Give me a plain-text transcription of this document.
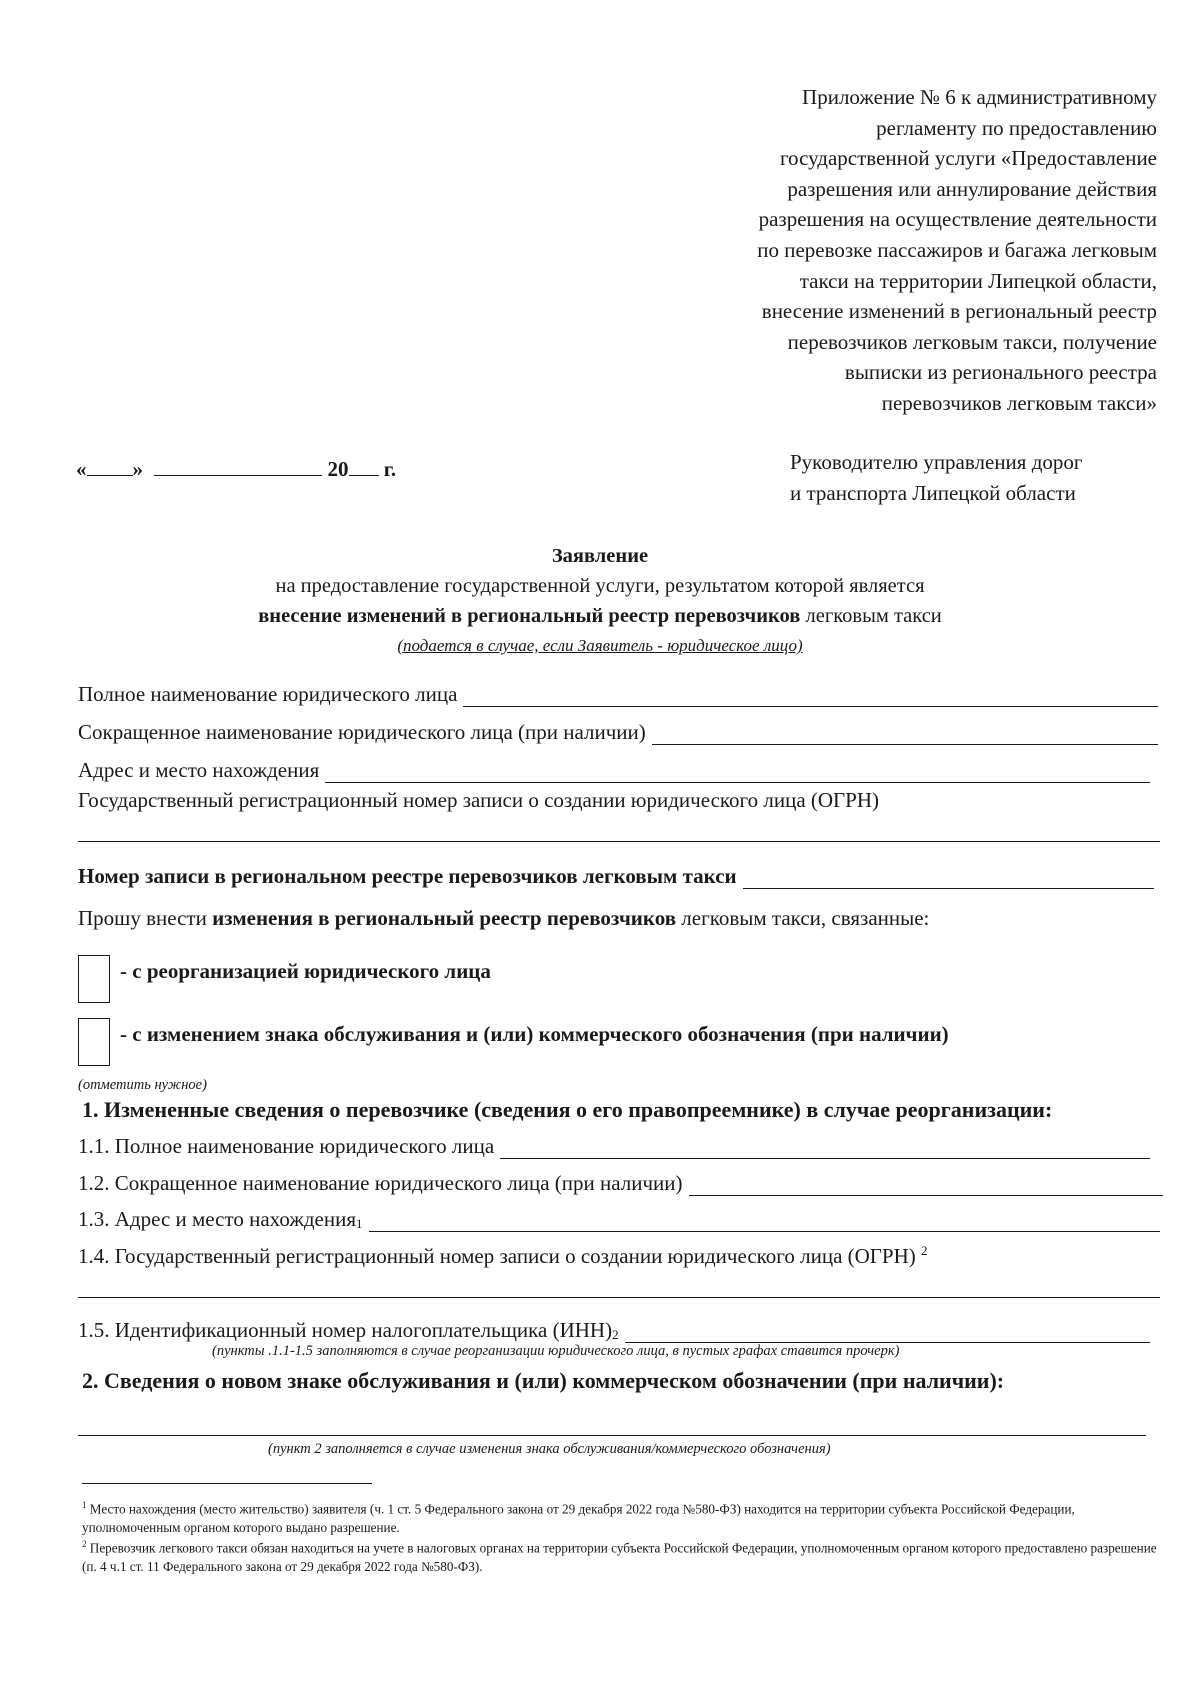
Приложение № 6 к административному
регламенту по предоставлению
государственной услуги «Предоставление
разрешения или аннулирование действия
разрешения на осуществление деятельности
по перевозке пассажиров и багажа легковым
такси на территории Липецкой области,
внесение изменений в региональный реестр
перевозчиков легковым такси, получение
выписки из регионального реестра
перевозчиков легковым такси»
« »	20 г.	Руководителю управления дорог
и транспорта Липецкой области
Заявление
на предоставление государственной услуги, результатом которой является
внесение изменений в региональный реестр перевозчиков легковым такси
(подается в случае, если Заявитель - юридическое лицо)
Полное наименование юридического лица
Сокращенное наименование юридического лица (при наличии)
Адрес и место нахождения
Государственный регистрационный номер записи о создании юридического лица (ОГРН)
Номер записи в региональном реестре перевозчиков легковым такси
Прошу внести изменения в региональный реестр перевозчиков легковым такси, связанные:
- с реорганизацией юридического лица
- с изменением знака обслуживания и (или) коммерческого обозначения (при наличии)
(отметить нужное)
1. Измененные сведения о перевозчике (сведения о его правопреемнике) в случае реорганизации:
1.1. Полное наименование юридического лица
1.2. Сокращенное наименование юридического лица (при наличии)
1.3. Адрес и место нахождения 1
1.4. Государственный регистрационный номер записи о создании юридического лица (ОГРН) $^2$
1.5. Идентификационный номер налогоплательщика (ИНН) 2
(пункты .1.1-1.5 заполняются в случае реорганизации юридического лица, в пустых графах ставится прочерк)
2. Сведения о новом знаке обслуживания и (или) коммерческом обозначении (при наличии):
(пункт 2 заполняется в случае изменения знака обслуживания/коммерческого обозначения)
$^1$ Место нахождения (место жительство) заявителя (ч. 1 ст. 5 Федерального закона от 29 декабря 2022 года №580-ФЗ) находится на территории субъекта Российской Федерации, уполномоченным органом которого выдано разрешение.
$^2$ Перевозчик легкового такси обязан находиться на учете в налоговых органах на территории субъекта Российской Федерации, уполномоченным органом которого предоставлено разрешение (п. 4 ч.1 ст. 11 Федерального закона от 29 декабря 2022 года №580-ФЗ).
